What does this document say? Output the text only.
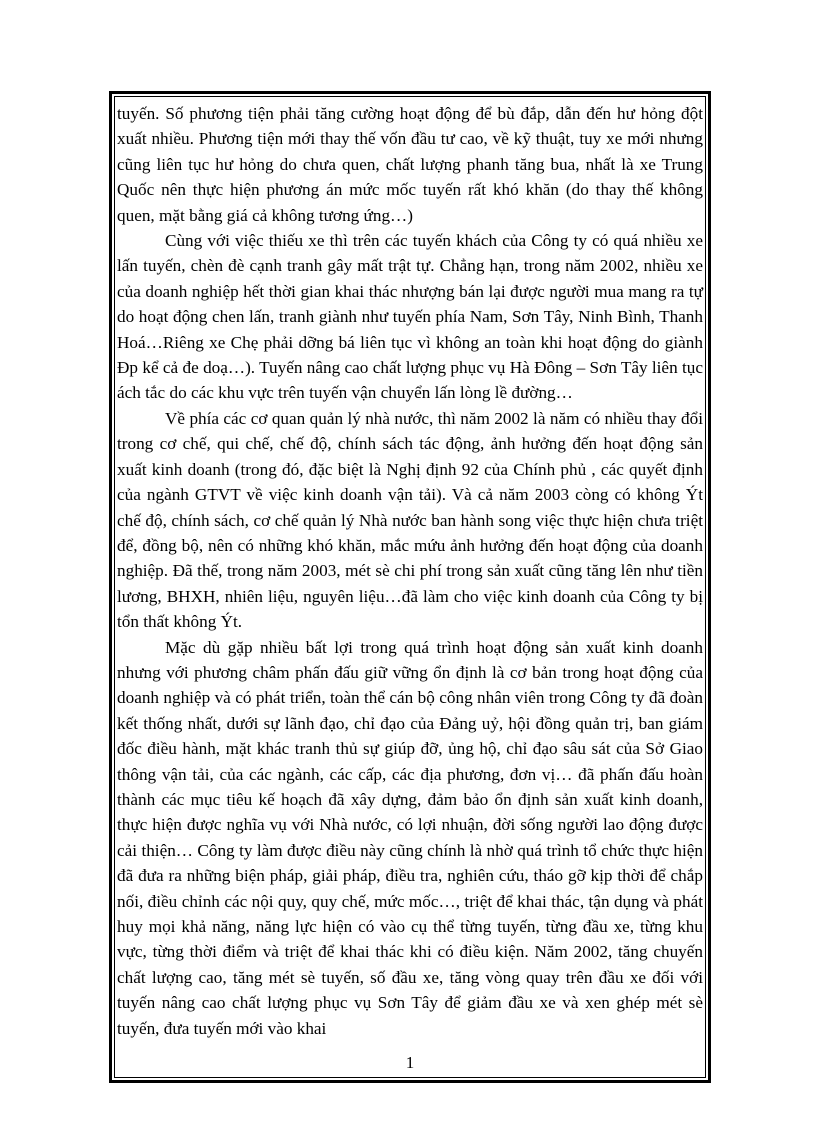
tuyến. Số phương tiện phải tăng cường hoạt động để bù đắp, dẫn đến hư hỏng đột xuất nhiều. Phương tiện mới thay thế vốn đầu tư cao, về kỹ thuật, tuy xe mới nhưng cũng liên tục hư hỏng do chưa quen, chất lượng phanh tăng bua, nhất là xe Trung Quốc nên thực hiện phương án mức mốc tuyến rất khó khăn (do thay thế không quen, mặt bằng giá cả không tương ứng…)

Cùng với việc thiếu xe thì trên các tuyến khách của Công ty có quá nhiều xe lấn tuyến, chèn đè cạnh tranh gây mất trật tự. Chẳng hạn, trong năm 2002, nhiều xe của doanh nghiệp hết thời gian khai thác nhượng bán lại được người mua mang ra tự do hoạt động chen lấn, tranh giành như tuyến phía Nam, Sơn Tây, Ninh Bình, Thanh Hoá…Riêng xe Chẹ phải dỡng bá liên tục vì không an toàn khi hoạt động do giành Đp kể cả đe doạ…). Tuyến nâng cao chất lượng phục vụ Hà Đông – Sơn Tây liên tục ách tắc do các khu vực trên tuyến vận chuyển lấn lòng lề đường…

Về phía các cơ quan quản lý nhà nước, thì năm 2002 là năm có nhiều thay đổi trong cơ chế, qui chế, chế độ, chính sách tác động, ảnh hưởng đến hoạt động sản xuất kinh doanh (trong đó, đặc biệt là Nghị định 92 của Chính phủ , các quyết định của ngành GTVT về việc kinh doanh vận tải). Và cả năm 2003 còng có không Ýt chế độ, chính sách, cơ chế quản lý Nhà nước ban hành song việc thực hiện chưa triệt để, đồng bộ, nên có những khó khăn, mắc mứu ảnh hưởng đến hoạt động của doanh nghiệp. Đã thế, trong năm 2003, mét sè chi phí trong sản xuất cũng tăng lên như tiền lương, BHXH, nhiên liệu, nguyên liệu…đã làm cho việc kinh doanh của Công ty bị tổn thất không Ýt.

Mặc dù gặp nhiều bất lợi trong quá trình hoạt động sản xuất kinh doanh nhưng với phương châm phấn đấu giữ vững ổn định là cơ bản trong hoạt động của doanh nghiệp và có phát triển, toàn thể cán bộ công nhân viên trong Công ty đã đoàn kết thống nhất, dưới sự lãnh đạo, chỉ đạo của Đảng uỷ, hội đồng quản trị, ban giám đốc điều hành, mặt khác tranh thủ sự giúp đỡ, ủng hộ, chỉ đạo sâu sát của Sở Giao thông vận tải, của các ngành, các cấp, các địa phương, đơn vị… đã phấn đấu hoàn thành các mục tiêu kế hoạch đã xây dựng, đảm bảo ổn định sản xuất kinh doanh, thực hiện được nghĩa vụ với Nhà nước, có lợi nhuận, đời sống người lao động được cải thiện… Công ty làm được điều này cũng chính là nhờ quá trình tổ chức thực hiện đã đưa ra những biện pháp, giải pháp, điều tra, nghiên cứu, tháo gỡ kịp thời để chắp nối, điều chỉnh các nội quy, quy chế, mức mốc…, triệt để khai thác, tận dụng và phát huy mọi khả năng, năng lực hiện có vào cụ thể từng tuyến, từng đầu xe, từng khu vực, từng thời điểm và triệt để khai thác khi có điều kiện. Năm 2002, tăng chuyến chất lượng cao, tăng mét sè tuyến, số đầu xe, tăng vòng quay trên đầu xe đối với tuyến nâng cao chất lượng phục vụ Sơn Tây để giảm đầu xe và xen ghép mét sè tuyến, đưa tuyến mới vào khai

1
